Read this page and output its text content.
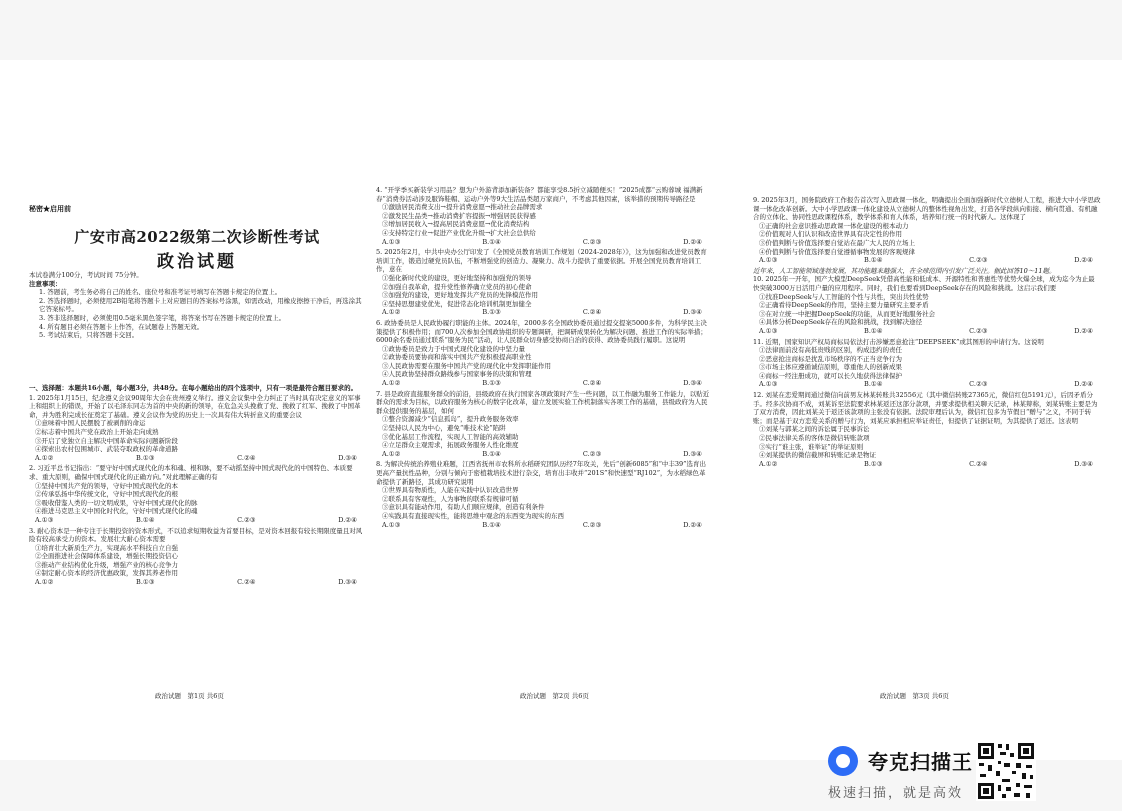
秘密★启用前
广安市高2022级第二次诊断性考试
政治试题

本试卷满分100分，考试时间 75分钟。

注意事项：

1. 答题前，考生务必将自己的姓名、座位号和准考证号填写在答题卡规定的位置上。

2. 答选择题时，必须使用2B铅笔将答题卡上对应题目的答案标号涂黑，如需改动，用橡皮擦擦干净后，再选涂其它答案标号。

3. 答非选择题时，必须使用0.5毫米黑色签字笔，将答案书写在答题卡规定的位置上。

4. 所有题目必须在答题卡上作答，在试题卷上答题无效。

5. 考试结束后，只将答题卡交回。

一、选择题：本题共16小题，每小题3分，共48分。在每小题给出的四个选项中，只有一项是最符合题目要求的。

1. 2025年1月15日，纪念遵义会议90周年大会在贵州遵义举行。遵义会议集中全力纠正了当时具有决定意义的军事上和组织上的错误，开始了以毛泽东同志为首的中央的新的领导，在危急关头挽救了党、挽救了红军、挽救了中国革命，并为胜利完成长征奠定了基础。遵义会议作为党的历史上一次具有伟大转折意义的重要会议

①意味着中国人民摆脱了被剥削的命运

②标志着中国共产党在政治上开始走向成熟

③开启了党独立自主解决中国革命实际问题新阶段

④探索出农村包围城市、武装夺取政权的革命道路

A.①②	B.①③	C.②④	D.③④

2. 习近平总书记指出：“要守好中国式现代化的本和魂、根和脉，要不动摇坚持中国式现代化的中国特色、本质要求、重大原则，确保中国式现代化的正确方向。”对此理解正确的有

①坚持中国共产党的领导，守好中国式现代化的本

②传承弘扬中华传统文化，守好中国式现代化的根

③吸收借鉴人类的一切文明成果，守好中国式现代化的脉

④推进马克思主义中国化时代化，守好中国式现代化的魂

A.①③	B.①④	C.②③	D.②④

3. 耐心资本是一种专注于长期投资的资本形式，不以追求短期收益为首要目标，是对资本回报有较长期限度量且对风险有较高承受力的资本。发展壮大耐心资本需要

①培育壮大新质生产力，实现高水平科技自立自强

②全面推进社会保障体系建设，增强长期投资信心

③推动产业结构优化升级，增强产业的核心竞争力

④制定耐心资本的经济优惠政策，发挥其养老作用

A.①②	B.①③	C.②④	D.③④

4. “开学季买新装学习用品？想为户外游背添加新装备？都能享受8.5折立减随便买！”2025成都“云购蓉城 福满新春”消费券活动涉及服饰鞋帽、运动户外等9大生活品类超万家商户，不考虑其他因素，该举措的预期传导路径是

①激励居民消费支出→提升消费意愿→推动社会品牌需求

②激发民生品类→推动消费扩容提振→增强居民获得感

③增加居民收入→提高居民消费意愿→优化消费结构

④支持特定行业→促进产业优化升级→扩大社会总供给

A.①③	B.①④	C.②③	D.②④

5. 2025年2月，中共中央办公厅印发了《全国党员教育培训工作规划（2024-2028年）》，这为加强和改进党员教育培训工作，锻造过硬党员队伍，不断增强党的创造力、凝聚力、战斗力提供了重要依据。开展全国党员教育培训工作，意在

①强化新时代党的建设，更好地坚持和加强党的领导

②加强自我革命，提升党性修养确立党员的初心使命

③加强党的建设，更好地发挥共产党员的先锋模范作用

④坚持思想建党优先，促进常态化培训机制更加健全

A.①②	B.①③	C.②④	D.③④

6. 政协委员是人民政协履行职能的主体。2024年，2000多名全国政协委员通过提交提案5000多件，为科学民主决策提供了积极作用；而700人次参加全国政协组织的专题调研，把调研成果转化为解决问题、推进工作的实际举措；6000余名委员通过联系“服务为民”活动，让人民群众切身感受协商自治的获得、政协委员践行履职。这说明

①政协委员是致力于中国式现代化建设的中坚力量

②政协委员要协商和落实中国共产党积极提高职业性

③人民政协需要在服务中国共产党的现代化中发挥职能作用

④人民政协坚持群众路线参与国家事务的决策和管理

A.①②	B.①③	C.②④	D.③④

7. 县是政府直接服务群众的前沿，县级政府在执行国家各项政策时产生一些问题，以工作融为服务工作能力，以贴近群众的需求为目标，以政府服务为核心的数字化改革，建立发展实验工作机制落实各项工作的基础，县级政府为人民群众提供服务的基层，如何

①整合资源减少“信息孤岛”，提升政务服务效率

②坚持以人民为中心，避免“唯技术论”陷阱

③优化基层工作流程，实现人工智能的高效辅助

④立足群众主观需求，拓展政务服务人性化维度

A.①②	B.①④	C.②③	D.③④

8. 为解决传统治养殖业难题，江西省抚州市农科所水稻研究团队历经7年攻关，先后“创新6085”和“中丰39”选育出更高产量抗性品种，分别与倾向于密植栽培技术进行杂交，培育出丰收并“201S”和快速型“RJ102”，为水稻绿色革命提供了新路径，其成功研究说明

①世界具有物质性，人能在实践中认识改造世界

②联系具有客观性，人为事物的联系有规律可循

③意识具有能动作用，有助人们顺应规律，创造有利条件

④实践具有直接现实性，能将思维中观念的东西变为现实的东西

A.①③	B.①④	C.②③	D.②④

9. 2025年3月，国务院政府工作报告首次写入思政课一体化，明确提出全面加强新时代立德树人工程，推进大中小学思政课一体化改革创新。大中小学思政课一体化建设从立德树人的整体性视角出发，打造各学段纵向衔接、横向贯通、有机融合的立体化、协同性思政课程体系，教学体系和育人体系，培养知行统一的时代新人。这体现了

①正确的社会意识推动思政课一体化建设的根本动力

②价值观对人们认识和改造世界具有决定性的作用

③价值判断与价值选择要自觉站在最广大人民的立场上

④价值判断与价值选择要自觉遵循事物发展的客观规律

A.①③	B.①④	C.②③	D.②④

近年来，人工智能领域蓬勃发展，其功能越来越强大，在全球范围内引发广泛关注。据此回答10～11题。

10. 2025年一开年，国产大模型DeepSeek凭借高性能和低成本、开源特性和普惠性等优势火爆全球，成为迄今为止最快突破3000万日活用户量的应用程序。同时，我们也要看到DeepSeek存在的风险和挑战。这启示我们要

①找准DeepSeek与人工智能的个性与共性，突出共性优势

②正确看待DeepSeek的作用，坚持主要力量研究主要矛盾

③在对立统一中把握DeepSeek的功能，从而更好地服务社会

④具体分析DeepSeek存在的风险和挑战，找到解决途径

A.①③	B.①④	C.②③	D.②④

11. 近期，国家知识产权局商标局依法打击涉嫌恶意抢注“DEEPSEEK”或其图形的申请行为。这说明

①法律面前没有高低贵贱的区别，构成违约的责任

②恶意抢注商标是扰乱市场秩序的不正当竞争行为

③市场主体应遵循诚信原则，尊重他人的创新成果

④商标一经注册成功，就可以长久地获得法律保护

A.①③	B.①④	C.②③	D.②④

12. 刘某在恋爱期间通过微信向前男友林某转账共32556元（其中微信转账27365元，微信红包5191元），后因矛盾分手。经多次协商不成，刘某诉至法院要求林某返还这部分款项，并要求提供相关聊天记录，林某辩称，刘某转账主要是为了双方消费，因此刘某关于返还该款项的主张没有依据。法院审理后认为，微信红包多为节假日“赠与”之义，不同于转账；而是基于双方恋爱关系的赠与行为，刘某应承担相应举证责任，但提供了证据证明，为其提供了返还。这表明

①刘某与郭某之间的诉讼属于民事诉讼

②民事法律关系的客体是微信转账款项

③实行“谁主张，谁举证”的举证原则

④刘某提供的微信截屏和转账记录是物证

A.①②	B.①③	C.②④	D.③④
政治试题　第1页 共6页	政治试题　第2页 共6页	政治试题　第3页 共6页
夸克扫描王
极速扫描，就是高效
